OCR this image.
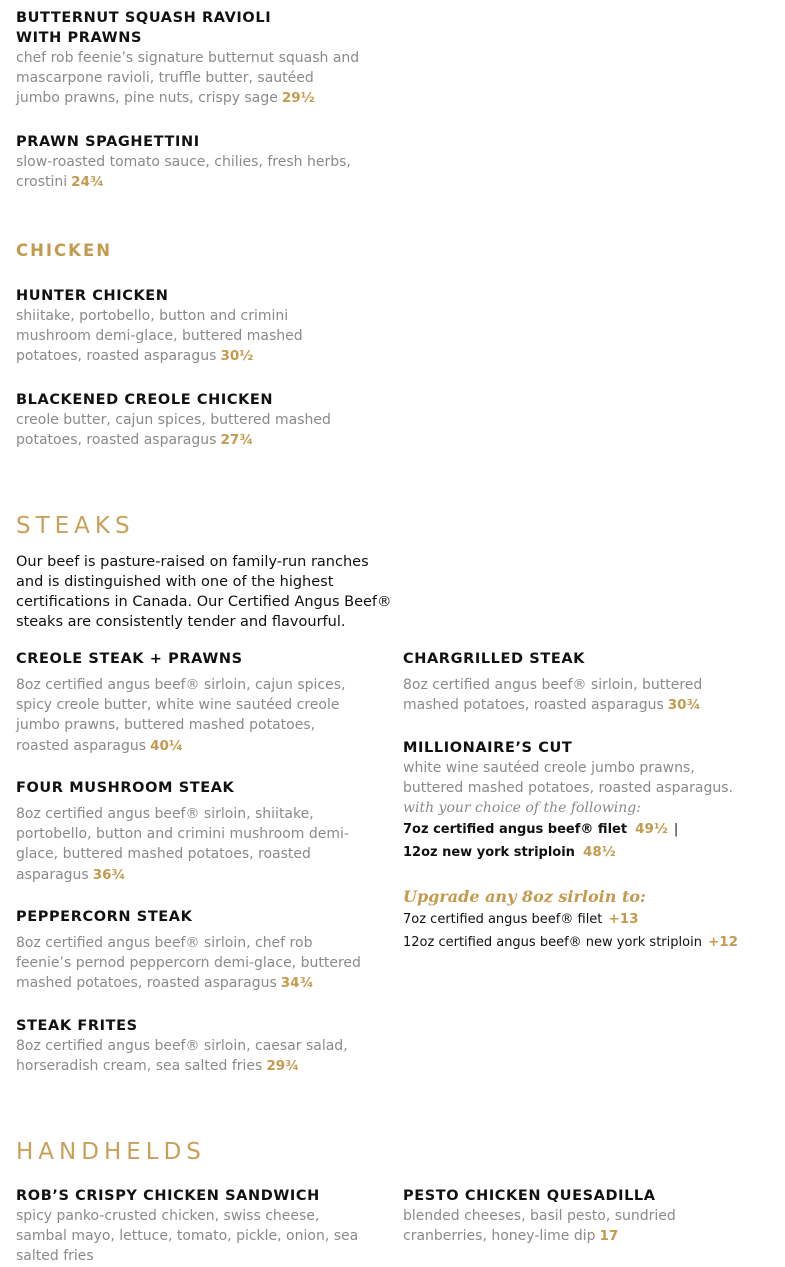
BUTTERNUT SQUASH RAVIOLI
WITH PRAWNS

chef rob feenie’s signature butternut squash and mascarpone ravioli, truffle butter, sautéed jumbo prawns, pine nuts, crispy sage 29½

PRAWN SPAGHETTINI

slow-roasted tomato sauce, chilies, fresh herbs, crostini 24¾

CHICKEN

HUNTER CHICKEN

shiitake, portobello, button and crimini mushroom demi-glace, buttered mashed potatoes, roasted asparagus 30½

BLACKENED CREOLE CHICKEN

creole butter, cajun spices, buttered mashed potatoes, roasted asparagus 27¾

STEAKS
Our beef is pasture-raised on family-run ranches and is distinguished with one of the highest certifications in Canada. Our Certified Angus Beef® steaks are consistently tender and flavourful.

CREOLE STEAK + PRAWNS

8oz certified angus beef® sirloin, cajun spices, spicy creole butter, white wine sautéed creole jumbo prawns, buttered mashed potatoes, roasted asparagus 40¼

FOUR MUSHROOM STEAK

8oz certified angus beef® sirloin, shiitake, portobello, button and crimini mushroom demi-glace, buttered mashed potatoes, roasted asparagus 36¾

PEPPERCORN STEAK

8oz certified angus beef® sirloin, chef rob feenie’s pernod peppercorn demi-glace, buttered mashed potatoes, roasted asparagus 34¾

STEAK FRITES

8oz certified angus beef® sirloin, caesar salad, horseradish cream, sea salted fries 29¾

CHARGRILLED STEAK

8oz certified angus beef® sirloin, buttered mashed potatoes, roasted asparagus 30¾

MILLIONAIRE’S CUT

white wine sautéed creole jumbo prawns, buttered mashed potatoes, roasted asparagus.

with your choice of the following:
7oz certified angus beef® filet 49½ |
12oz new york striploin 48½
Upgrade any 8oz sirloin to:
7oz certified angus beef® filet +13
12oz certified angus beef® new york striploin +12
HANDHELDS

ROB’S CRISPY CHICKEN SANDWICH

spicy panko-crusted chicken, swiss cheese, sambal mayo, lettuce, tomato, pickle, onion, sea salted fries

PESTO CHICKEN QUESADILLA

blended cheeses, basil pesto, sundried cranberries, honey-lime dip 17
